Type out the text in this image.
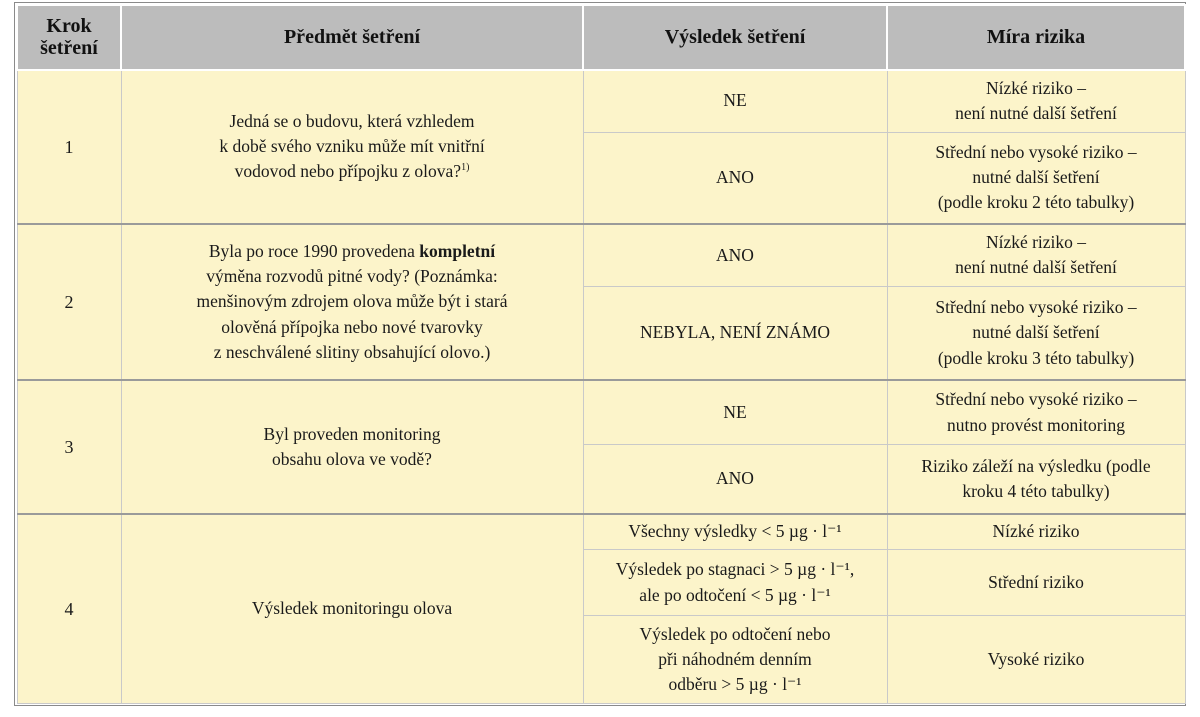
Krok
šetření	Předmět šetření	Výsledek šetření	Míra rizika
1	Jedná se o budovu, která vzhledem
k době svého vzniku může mít vnitřní
vodovod nebo přípojku z olova?$^{1)}$	NE	Nízké riziko –
není nutné další šetření
		ANO	Střední nebo vysoké riziko –
nutné další šetření
(podle kroku 2 této tabulky)
2	Byla po roce 1990 provedena kompletní
výměna rozvodů pitné vody? (Poznámka:
menšinovým zdrojem olova může být i stará
olověná přípojka nebo nové tvarovky
z neschválené slitiny obsahující olovo.)	ANO	Nízké riziko –
není nutné další šetření
		NEBYLA, NENÍ ZNÁMO	Střední nebo vysoké riziko –
nutné další šetření
(podle kroku 3 této tabulky)
3	Byl proveden monitoring
obsahu olova ve vodě?	NE	Střední nebo vysoké riziko –
nutno provést monitoring
		ANO	Riziko záleží na výsledku (podle
kroku 4 této tabulky)
4	Výsledek monitoringu olova	Všechny výsledky < 5 µg · l⁻¹	Nízké riziko
		Výsledek po stagnaci > 5 µg · l⁻¹,
ale po odtočení < 5 µg · l⁻¹	Střední riziko
		Výsledek po odtočení nebo
při náhodném denním
odběru > 5 µg · l⁻¹	Vysoké riziko
